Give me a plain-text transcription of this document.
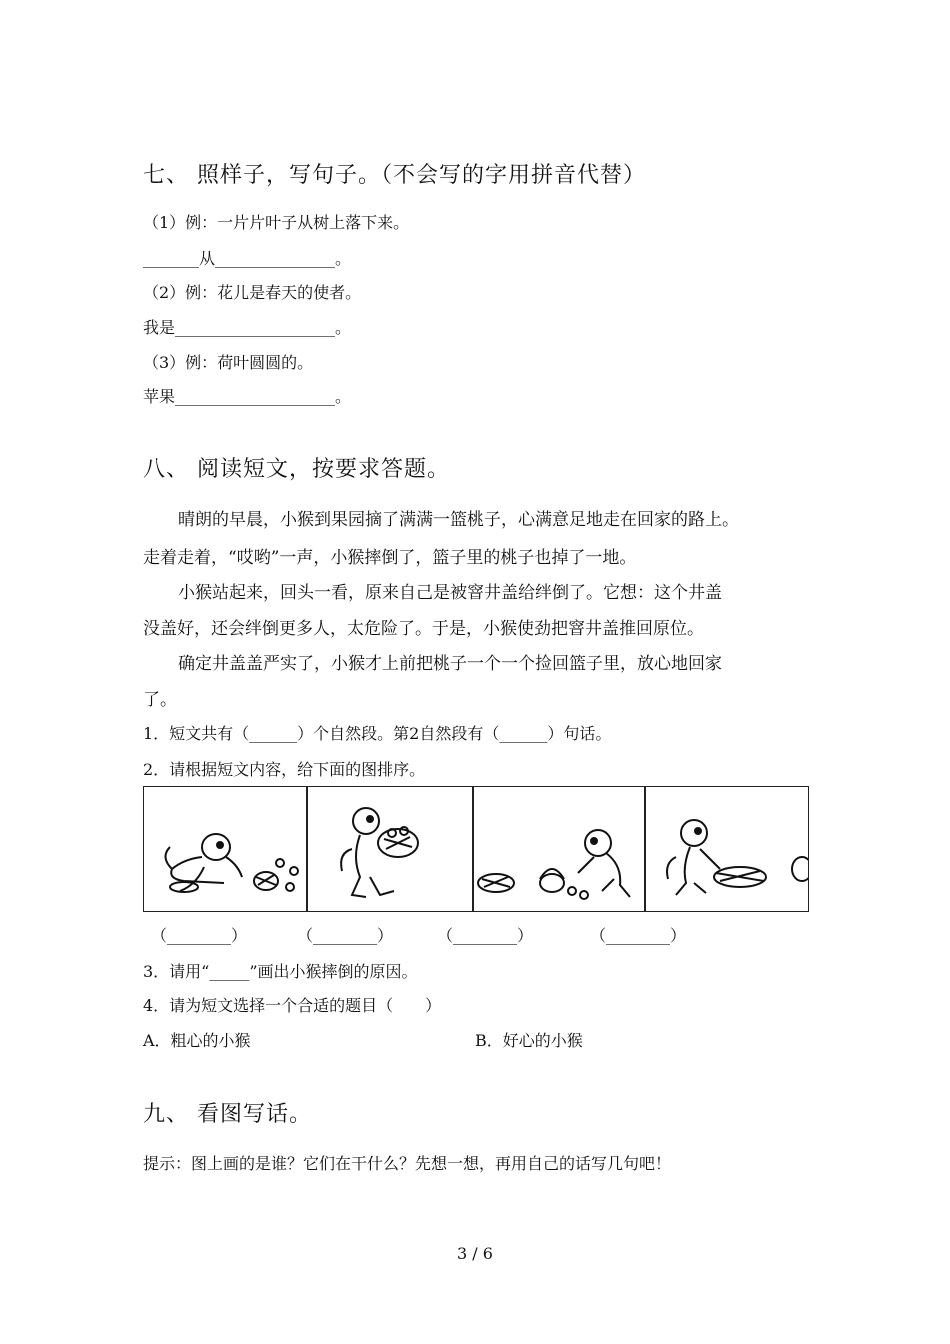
七、 照样子，写句子。（不会写的字用拼音代替）
（1）例：一片片叶子从树上落下来。
_______从_______________。
（2）例：花儿是春天的使者。
我是____________________。
（3）例：荷叶圆圆的。
苹果____________________。
八、 阅读短文，按要求答题。
晴朗的早晨，小猴到果园摘了满满一篮桃子，心满意足地走在回家的路上。
走着走着，“哎哟”一声，小猴摔倒了，篮子里的桃子也掉了一地。
小猴站起来，回头一看，原来自己是被窨井盖给绊倒了。它想：这个井盖
没盖好，还会绊倒更多人，太危险了。于是，小猴使劲把窨井盖推回原位。
确定井盖盖严实了，小猴才上前把桃子一个一个捡回篮子里，放心地回家
了。
1．短文共有（______）个自然段。第2自然段有（______）句话。
2．请根据短文内容，给下面的图排序。
（________）	（________）	（________）	（________）
3．请用“_____”画出小猴摔倒的原因。
4．请为短文选择一个合适的题目（　　）
A．粗心的小猴	B．好心的小猴
九、 看图写话。
提示：图上画的是谁？它们在干什么？先想一想，再用自己的话写几句吧！
3 / 6
